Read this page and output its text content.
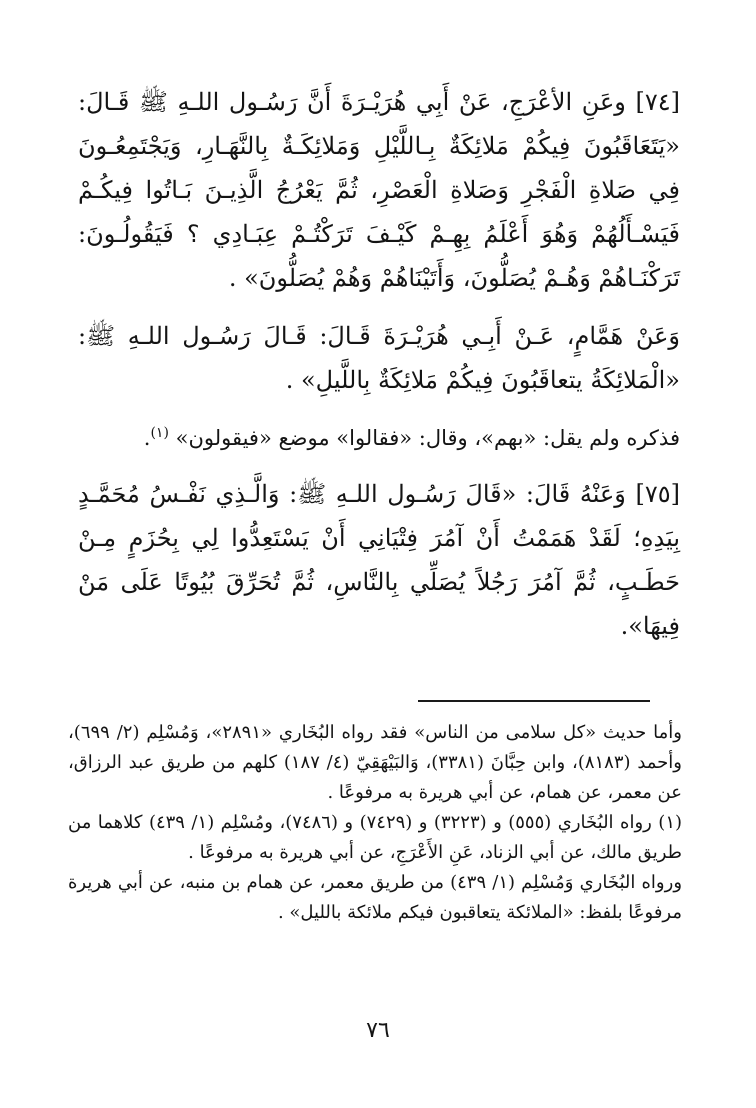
[٧٤] وعَنِ الأعْرَجِ، عَنْ أَبِي هُرَيْـرَةَ أَنَّ رَسُـول اللـهِ ﷺ قَـالَ: «يَتَعَاقَبُونَ فِيكُمْ مَلائِكَةٌ بِـاللَّيْلِ وَمَلائِكَـةٌ بِالنَّهَـارِ، وَيَجْتَمِعُـونَ فِي صَلاةِ الْفَجْرِ وَصَلاةِ الْعَصْرِ، ثُمَّ يَعْرُجُ الَّذِيـنَ بَـاتُوا فِيكُـمْ فَيَسْـأَلُهُمْ وَهُوَ أَعْلَمُ بِهِـمْ كَيْـفَ تَرَكْتُـمْ عِبَـادِي ؟ فَيَقُولُـونَ: تَرَكْنَـاهُمْ وَهُـمْ يُصَلُّونَ، وَأَتَيْنَاهُمْ وَهُمْ يُصَلُّونَ» .

وَعَنْ هَمَّامٍ، عَـنْ أَبِـي هُرَيْـرَةَ قَـالَ: قَـالَ رَسُـول اللـهِ ﷺ: «الْمَلائِكَةُ يتعاقَبُونَ فِيكُمْ مَلائِكَةٌ بِاللَّيلِ» .

فذكره ولم يقل: «بهم»، وقال: «فقالوا» موضع «فيقولون» $^{(١)}$.

[٧٥] وَعَنْهُ قَالَ: «قَالَ رَسُـول اللـهِ ﷺ: وَالَّـذِي نَفْـسُ مُحَمَّـدٍ بِيَدِهِ؛ لَقَدْ هَمَمْتُ أَنْ آمُرَ فِتْيَانِي أَنْ يَسْتَعِدُّوا لِي بِحُزَمٍ مِـنْ حَطَـبٍ، ثُمَّ آمُرَ رَجُلاً يُصَلِّي بِالنَّاسِ، ثُمَّ تُحَرِّقَ بُيُوتًا عَلَى مَنْ فِيهَا».

وأما حديث «كل سلامى من الناس» فقد رواه البُخَاري «٢٨٩١»، وَمُسْلِم (٢/ ٦٩٩)، وأحمد (٨١٨٣)، وابن حِبَّانَ (٣٣٨١)، وَالبَيْهَقِيّ (٤/ ١٨٧) كلهم من طريق عبد الرزاق، عن معمر، عن همام، عن أبي هريرة به مرفوعًا .

(١) رواه البُخَاري (٥٥٥) و (٣٢٢٣) و (٧٤٢٩) و (٧٤٨٦)، ومُسْلِم (١/ ٤٣٩) كلاهما من طريق مالك، عن أبي الزناد، عَنِ الأَعْرَجِ، عن أبي هريرة به مرفوعًا .

ورواه البُخَاري وَمُسْلِم (١/ ٤٣٩) من طريق معمر، عن همام بن منبه، عن أبي هريرة مرفوعًا بلفظ: «الملائكة يتعاقبون فيكم ملائكة بالليل» .

٧٦
